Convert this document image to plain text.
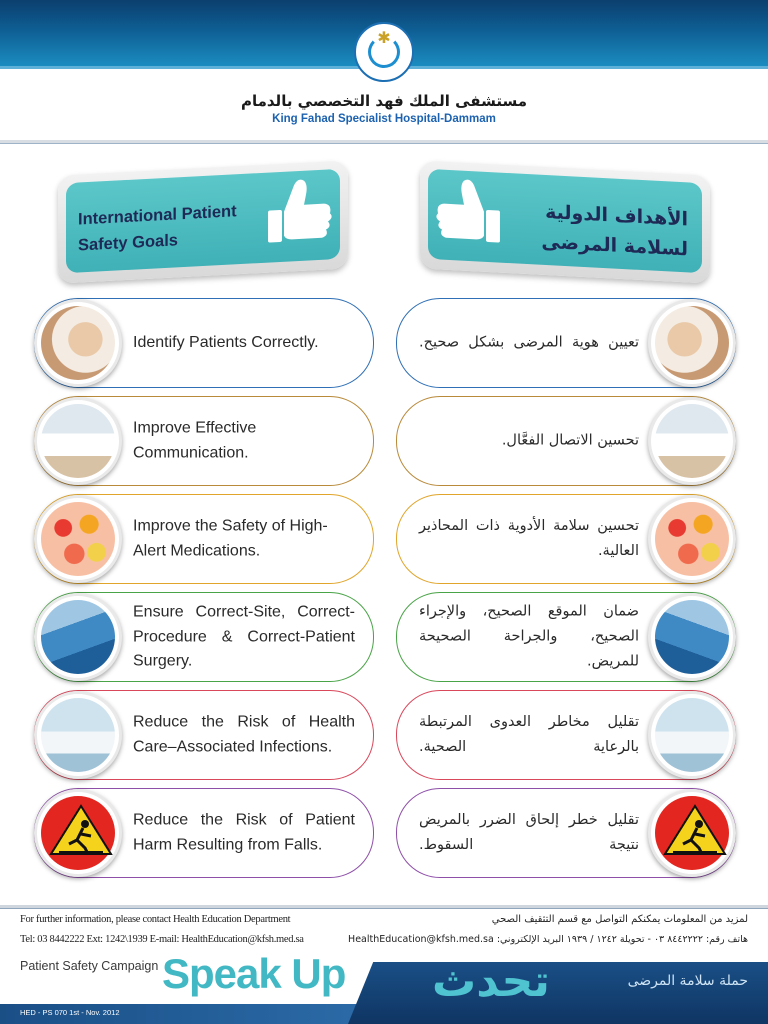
✱
مستشفى الملك فهد التخصصي بالدمام
King Fahad Specialist Hospital-Dammam
International Patient
Safety Goals
الأهداف الدولية
لسلامة المرضى
Identify Patients Correctly.
Improve Effective Communication.
Improve the Safety of High-Alert Medications.
Ensure Correct-Site, Correct-Procedure & Correct-Patient Surgery.
Reduce the Risk of Health Care–Associated Infections.
Reduce the Risk of Patient Harm Resulting from Falls.
تعيين هوية المرضى بشكل صحيح.
تحسين الاتصال الفعَّال.
تحسين سلامة الأدوية ذات المحاذير العالية.
ضمان الموقع الصحيح، والإجراء الصحيح، والجراحة الصحيحة للمريض.
تقليل مخاطر العدوى المرتبطة بالرعاية الصحية.
تقليل خطر إلحاق الضرر بالمريض نتيجة السقوط.
For further information, please contact Health Education Department
Tel: 03 8442222 Ext: 1242\1939 E-mail: HealthEducation@kfsh.med.sa
لمزيد من المعلومات يمكنكم التواصل مع قسم التثقيف الصحي
هاتف رقم: ٨٤٤٢٢٢٢ ٠٣ - تحويلة ١٢٤٢ / ١٩٣٩ البريد الإلكتروني: HealthEducation@kfsh.med.sa
Patient Safety Campaign Speak Up تحدث	حملة سلامة المرضى
HED - PS 070 1st - Nov. 2012
